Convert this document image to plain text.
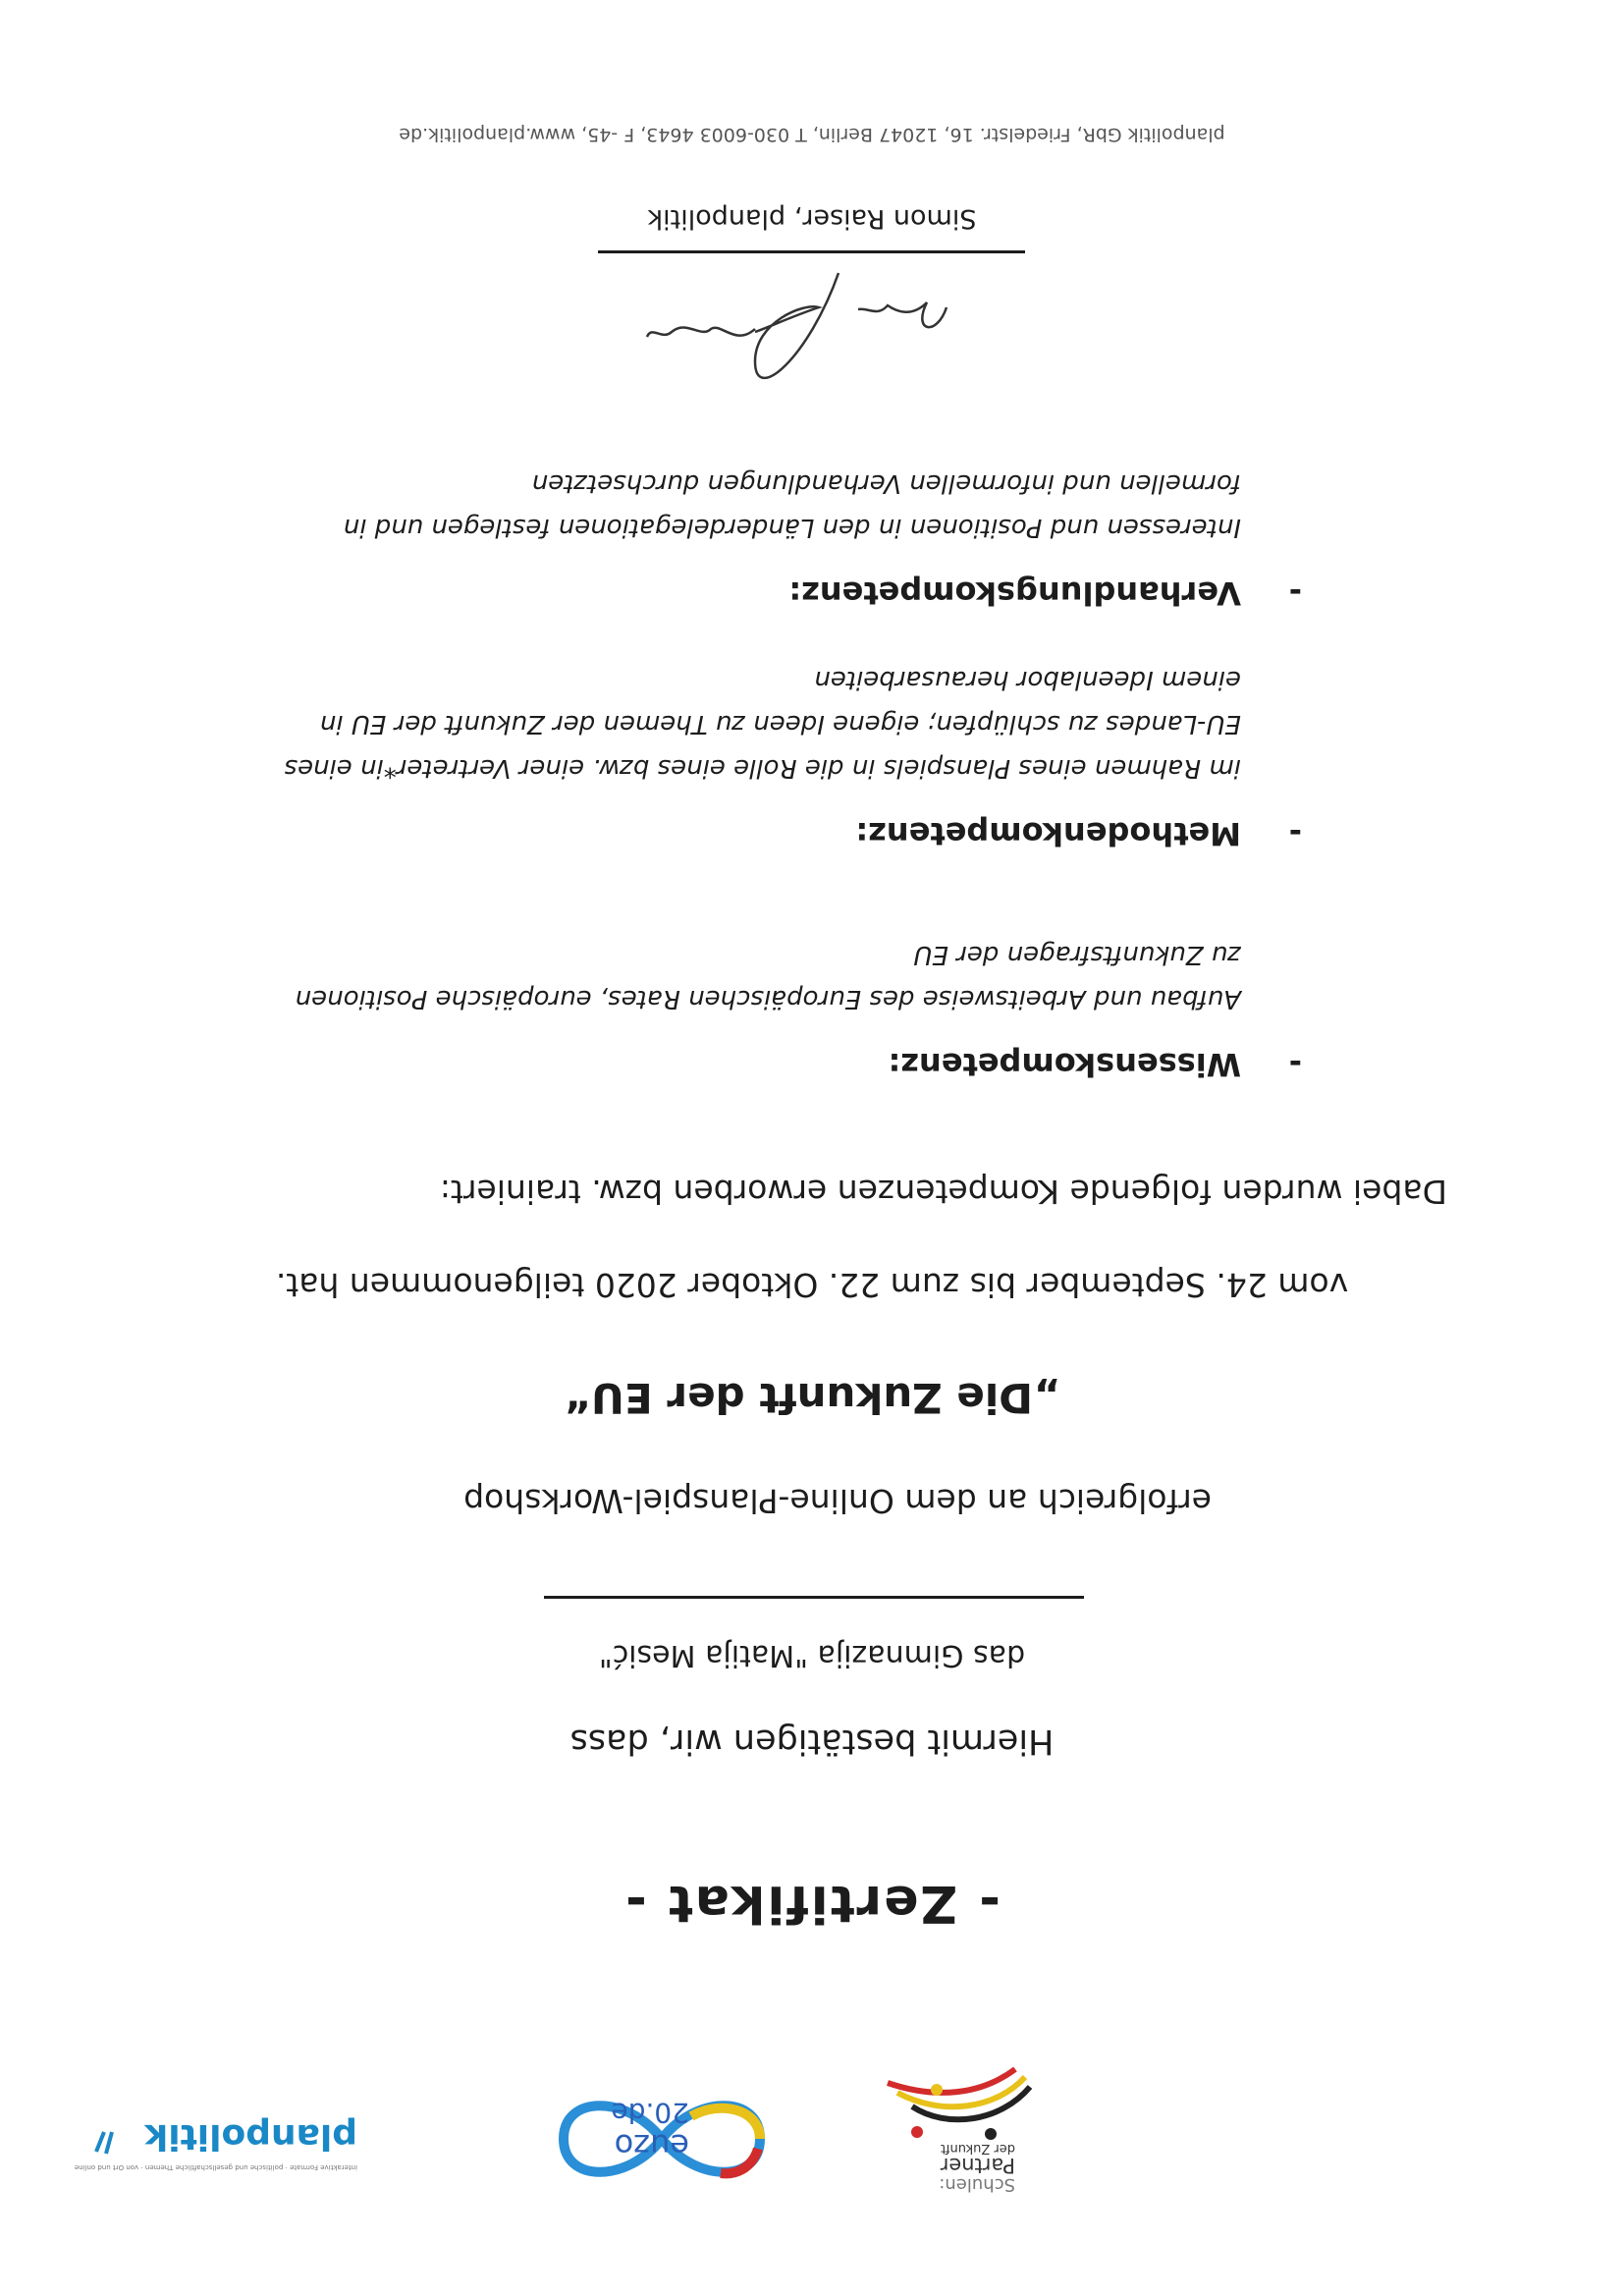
Schulen:
Partner
der Zukunft
euzo
20.de
interaktive Formate · politische und gesellschaftliche Themen · von Ort und online
planpolitik
- Zertifikat -
Hiermit bestätigen wir, dass
das Gimnazija "Matija Mesić"
erfolgreich an dem Online-Planspiel-Workshop
„Die Zukunft der EU“
vom 24. September bis zum 22. Oktober 2020 teilgenommen hat.
Dabei wurden folgende Kompetenzen erworben bzw. trainiert:
-
Wissenskompetenz:
Aufbau und Arbeitsweise des Europäischen Rates, europäische Positionen
zu Zukunftsfragen der EU
-
Methodenkompetenz:
im Rahmen eines Planspiels in die Rolle eines bzw. einer Vertreter*in eines
EU-Landes zu schlüpfen; eigene Ideen zu Themen der Zukunft der EU in
einem Ideenlabor herausarbeiten
-
Verhandlungskompetenz:
Interessen und Positionen in den Länderdelegationen festlegen und in
formellen und informellen Verhandlungen durchsetzten
Simon Raiser, planpolitik
planpolitik GbR, Friedelstr. 16, 12047 Berlin, T 030-6003 4643, F -45, www.planpolitik.de
